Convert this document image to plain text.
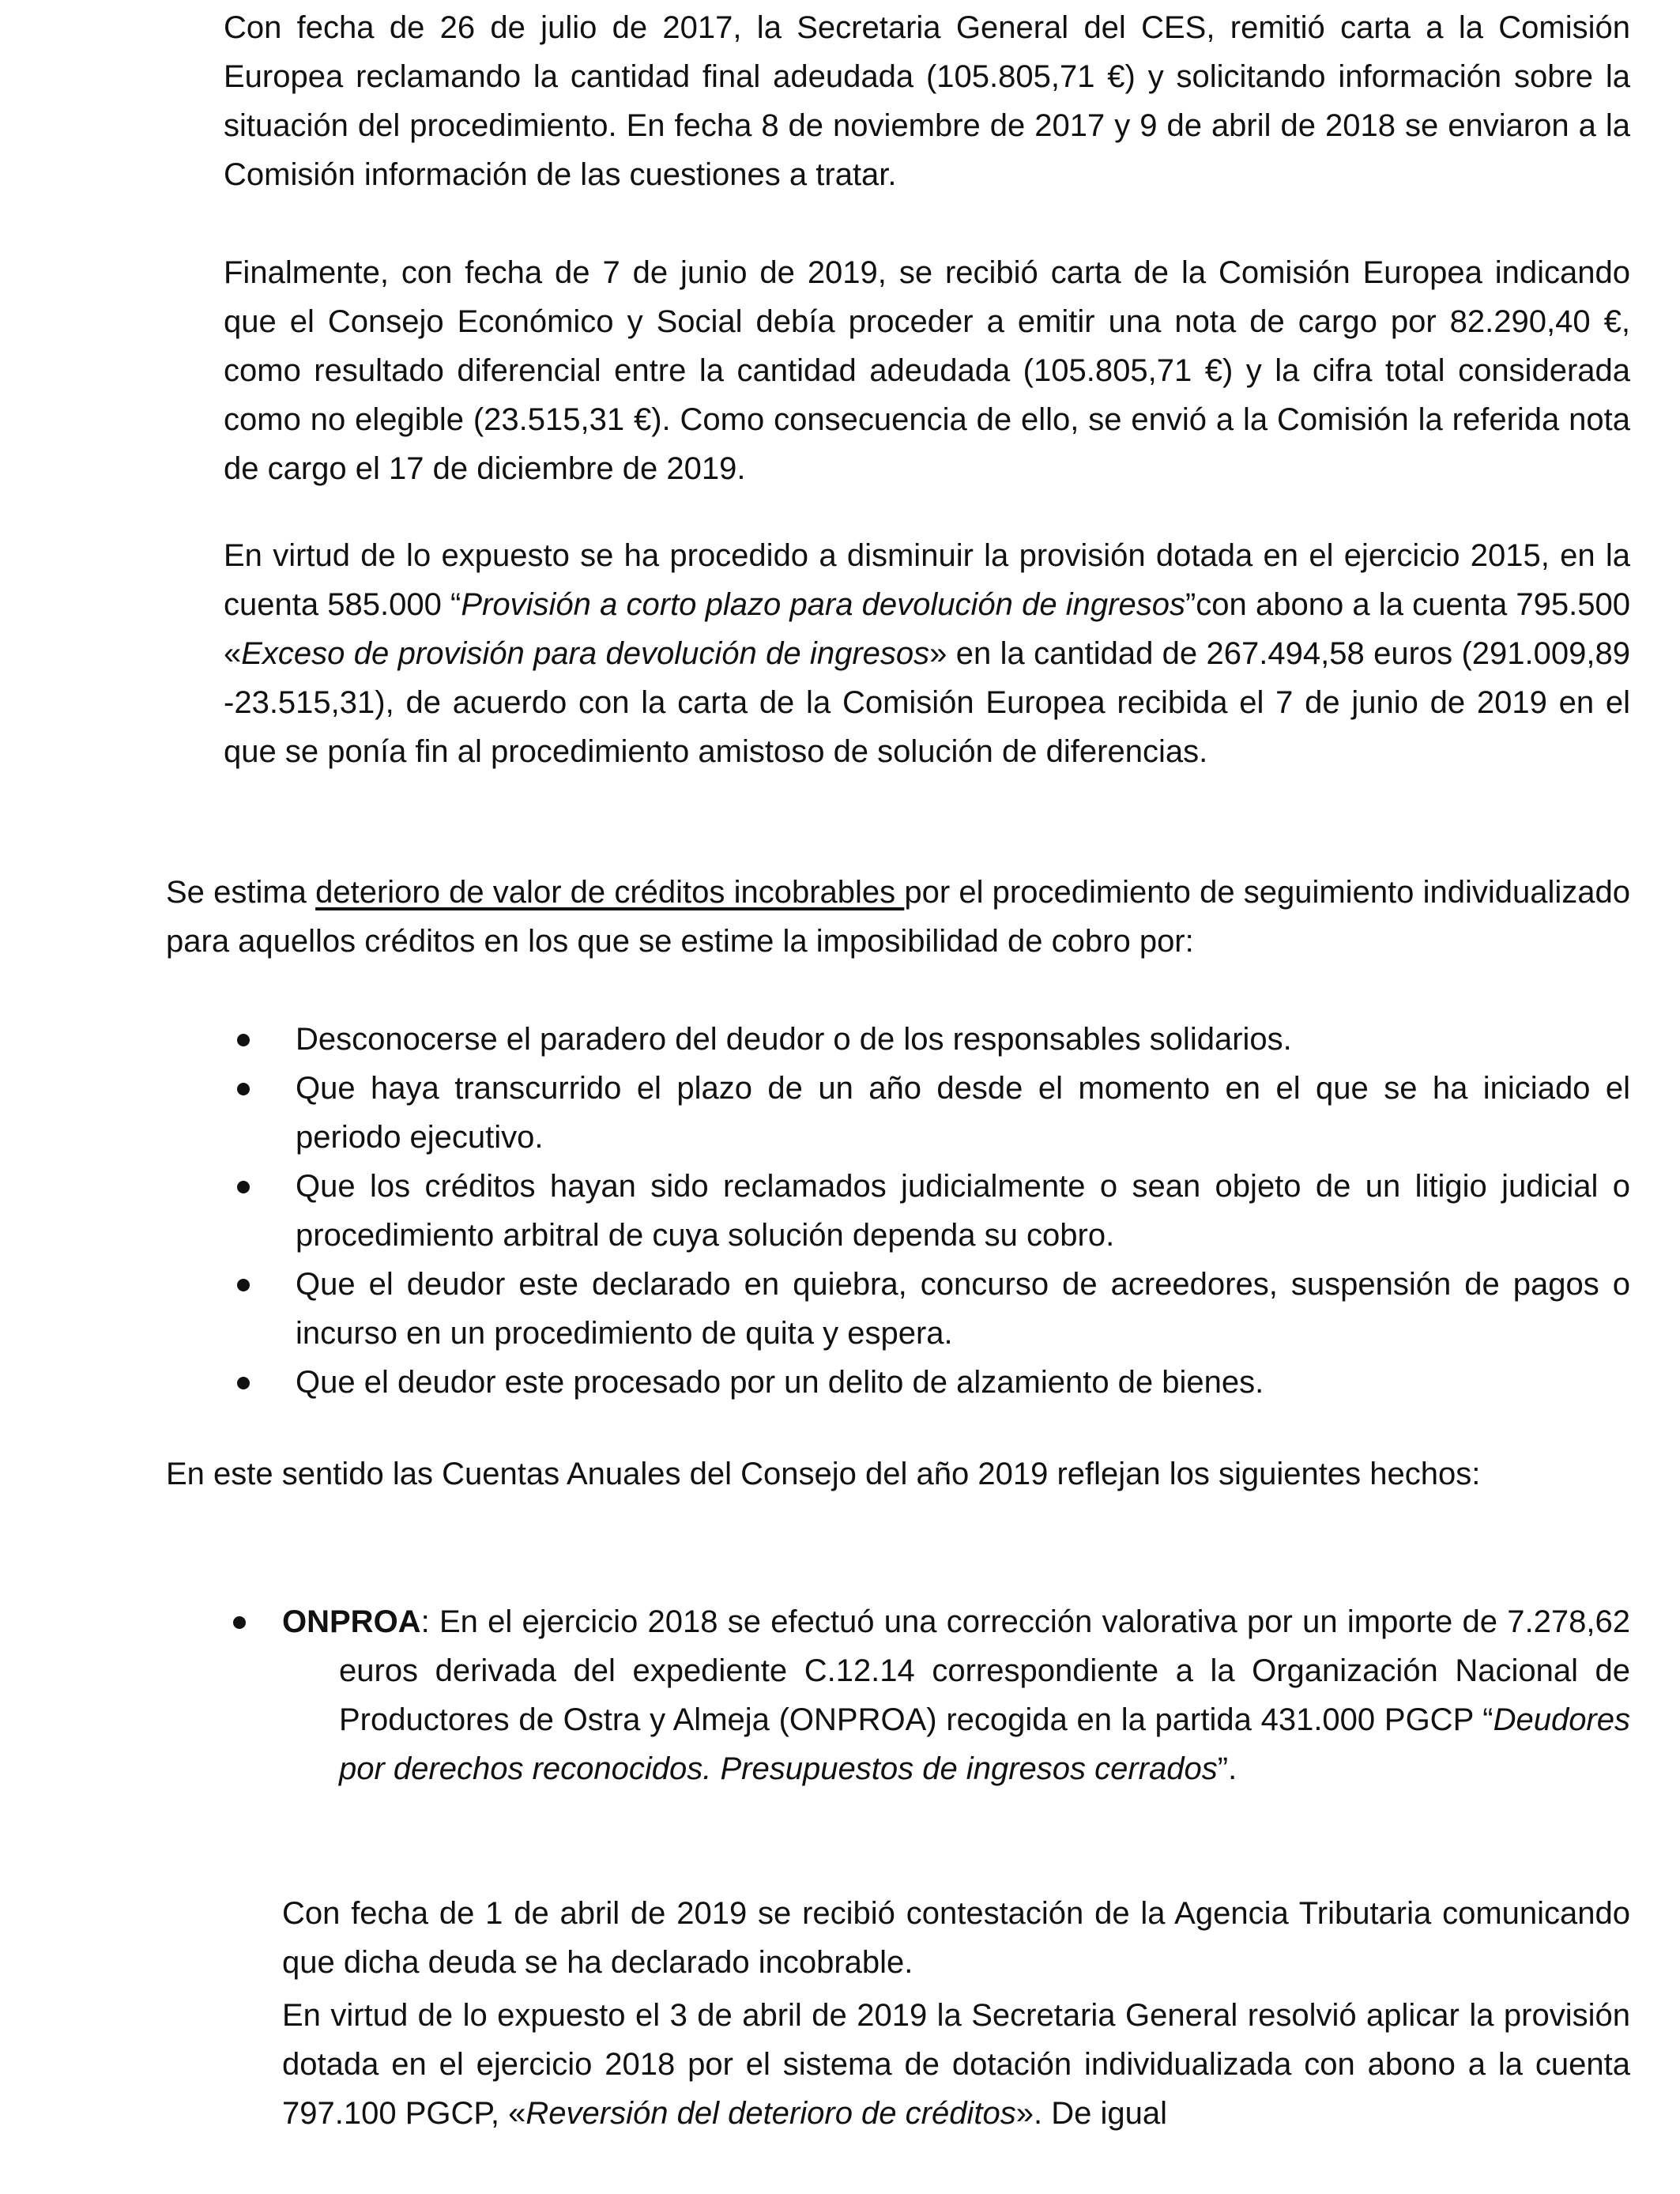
Con fecha de 26 de julio de 2017, la Secretaria General del CES, remitió carta a la Comisión Europea reclamando la cantidad final adeudada (105.805,71 €) y solicitando información sobre la situación del procedimiento. En fecha 8 de noviembre de 2017 y 9 de abril de 2018 se enviaron a la Comisión información de las cuestiones a tratar.

Finalmente, con fecha de 7 de junio de 2019, se recibió carta de la Comisión Europea indicando que el Consejo Económico y Social debía proceder a emitir una nota de cargo por 82.290,40 €, como resultado diferencial entre la cantidad adeudada (105.805,71 €) y la cifra total considerada como no elegible (23.515,31 €). Como consecuencia de ello, se envió a la Comisión la referida nota de cargo el 17 de diciembre de 2019.

En virtud de lo expuesto se ha procedido a disminuir la provisión dotada en el ejercicio 2015, en la cuenta 585.000 “Provisión a corto plazo para devolución de ingresos”con abono a la cuenta 795.500 «Exceso de provisión para devolución de ingresos» en la cantidad de 267.494,58 euros (291.009,89 -23.515,31), de acuerdo con la carta de la Comisión Europea recibida el 7 de junio de 2019 en el que se ponía fin al procedimiento amistoso de solución de diferencias.

Se estima deterioro de valor de créditos incobrables por el procedimiento de seguimiento individualizado para aquellos créditos en los que se estime la imposibilidad de cobro por:

Desconocerse el paradero del deudor o de los responsables solidarios.
Que haya transcurrido el plazo de un año desde el momento en el que se ha iniciado el periodo ejecutivo.
Que los créditos hayan sido reclamados judicialmente o sean objeto de un litigio judicial o procedimiento arbitral de cuya solución dependa su cobro.
Que el deudor este declarado en quiebra, concurso de acreedores, suspensión de pagos o incurso en un procedimiento de quita y espera.
Que el deudor este procesado por un delito de alzamiento de bienes.

En este sentido las Cuentas Anuales del Consejo del año 2019 reflejan los siguientes hechos:

ONPROA: En el ejercicio 2018 se efectuó una corrección valorativa por un importe de 7.278,62 euros derivada del expediente C.12.14 correspondiente a la Organización Nacional de Productores de Ostra y Almeja (ONPROA) recogida en la partida 431.000 PGCP “Deudores por derechos reconocidos. Presupuestos de ingresos cerrados”.

Con fecha de 1 de abril de 2019 se recibió contestación de la Agencia Tributaria comunicando que dicha deuda se ha declarado incobrable.

En virtud de lo expuesto el 3 de abril de 2019 la Secretaria General resolvió aplicar la provisión dotada en el ejercicio 2018 por el sistema de dotación individualizada con abono a la cuenta 797.100 PGCP, «Reversión del deterioro de créditos». De igual
